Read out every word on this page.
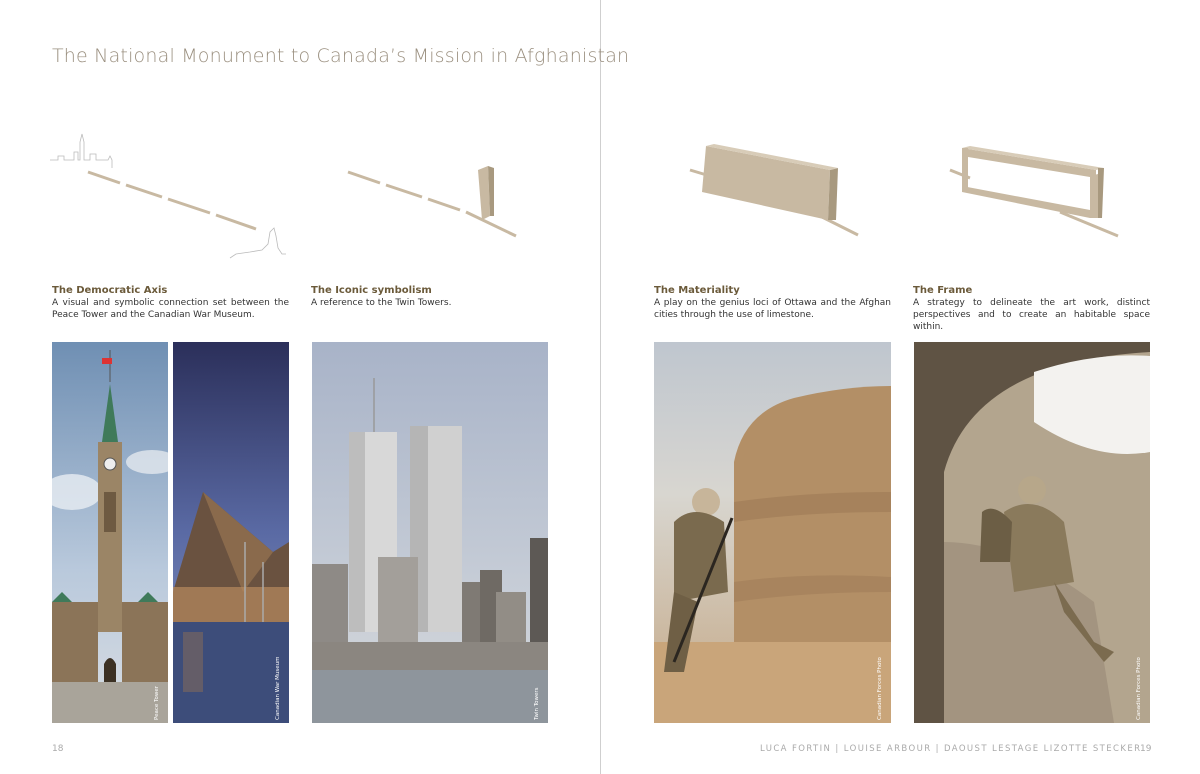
The National Monument to Canada’s Mission in Afghanistan
The Democratic Axis
A visual and symbolic connection set between the Peace Tower and the Canadian War Museum.
The Iconic symbolism
A reference to the Twin Towers.
The Materiality
A play on the genius loci of Ottawa and the Afghan cities through the use of limestone.
The Frame
A strategy to delineate the art work, distinct perspectives and to create an habitable space within.
Peace Tower	Canadian War Museum	Twin Towers	Canadian Forces Photo	Canadian Forces Photo
18	LUCA FORTIN | LOUISE ARBOUR | DAOUST LESTAGE LIZOTTE STECKER
19
